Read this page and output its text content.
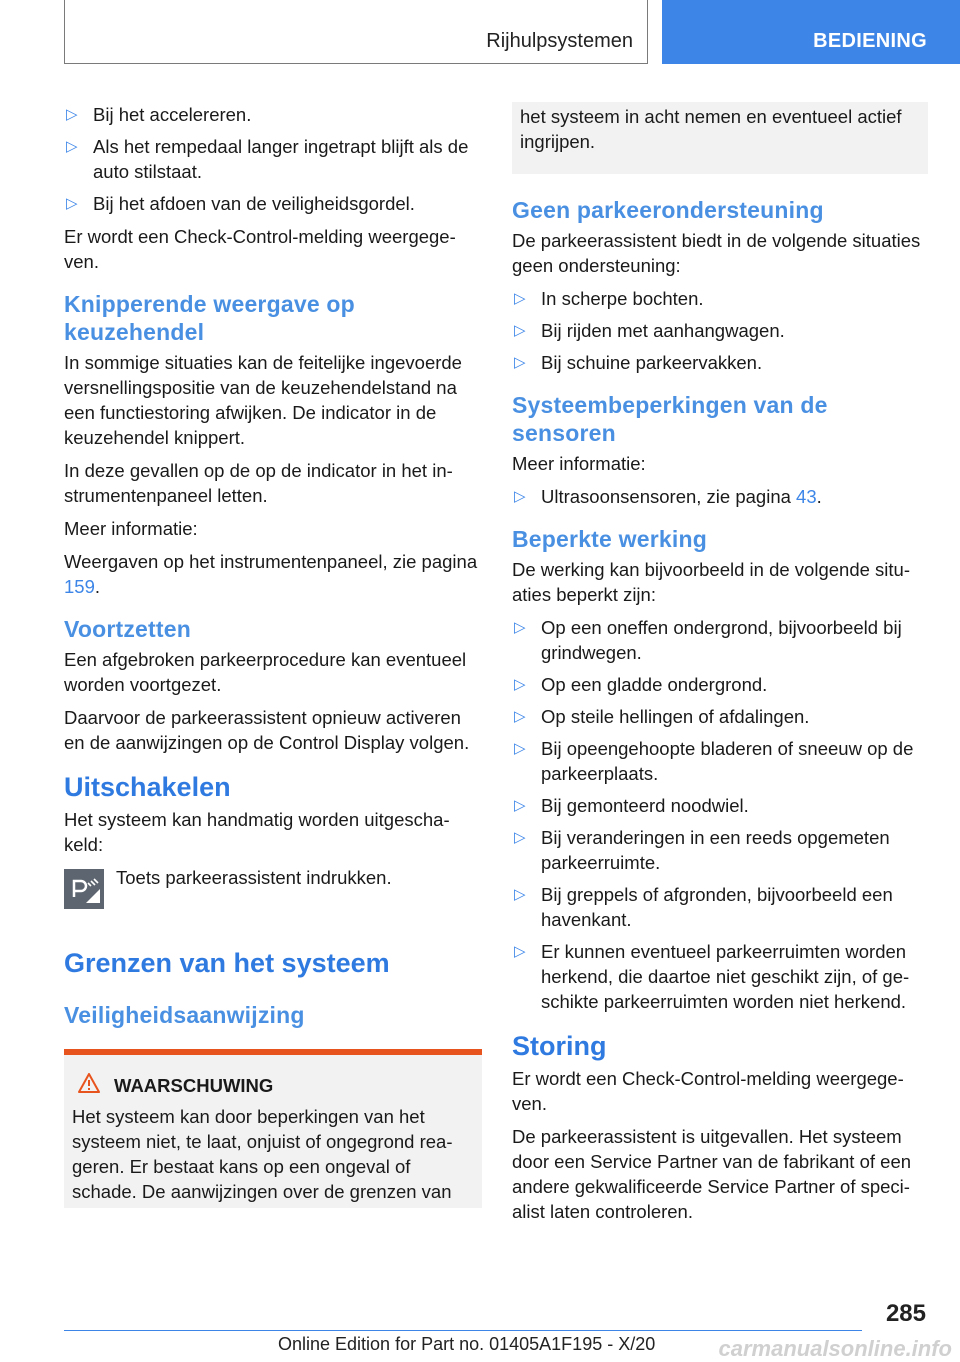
Rijhulpsystemen	BEDIENING
▷ Bij het accelereren.
▷ Als het rempedaal langer ingetrapt blijft als de auto stilstaat.
▷ Bij het afdoen van de veiligheidsgordel.

Er wordt een Check-Control-melding weergegeven.

Knipperende weergave op keuzehendel

In sommige situaties kan de feitelijke ingevoerde versnellingspositie van de keuzehendelstand na een functiestoring afwijken. De indicator in de keuzehendel knippert.

In deze gevallen op de op de indicator in het instrumentenpaneel letten.

Meer informatie:

Weergaven op het instrumentenpaneel, zie pagina 159.

Voortzetten

Een afgebroken parkeerprocedure kan eventueel worden voortgezet.

Daarvoor de parkeerassistent opnieuw activeren en de aanwijzingen op de Control Display volgen.

Uitschakelen

Het systeem kan handmatig worden uitgeschakeld:

Toets parkeerassistent indrukken.

Grenzen van het systeem
Veiligheidsaanwijzing
WAARSCHUWING

Het systeem kan door beperkingen van het systeem niet, te laat, onjuist of ongegrond reageren. Er bestaat kans op een ongeval of schade. De aanwijzingen over de grenzen van

het systeem in acht nemen en eventueel actief ingrijpen.

Geen parkeerondersteuning

De parkeerassistent biedt in de volgende situaties geen ondersteuning:

▷ In scherpe bochten.
▷ Bij rijden met aanhangwagen.
▷ Bij schuine parkeervakken.
Systeembeperkingen van de sensoren

Meer informatie:

▷ Ultrasoonsensoren, zie pagina 43.
Beperkte werking

De werking kan bijvoorbeeld in de volgende situaties beperkt zijn:

▷ Op een oneffen ondergrond, bijvoorbeeld bij grindwegen.
▷ Op een gladde ondergrond.
▷ Op steile hellingen of afdalingen.
▷ Bij opeengehoopte bladeren of sneeuw op de parkeerplaats.
▷ Bij gemonteerd noodwiel.
▷ Bij veranderingen in een reeds opgemeten parkeerruimte.
▷ Bij greppels of afgronden, bijvoorbeeld een havenkant.
▷ Er kunnen eventueel parkeerruimten worden herkend, die daartoe niet geschikt zijn, of geschikte parkeerruimten worden niet herkend.
Storing

Er wordt een Check-Control-melding weergegeven.

De parkeerassistent is uitgevallen. Het systeem door een Service Partner van de fabrikant of een andere gekwalificeerde Service Partner of specialist laten controleren.

285
Online Edition for Part no. 01405A1F195 - X/20	carmanualsonline.info
